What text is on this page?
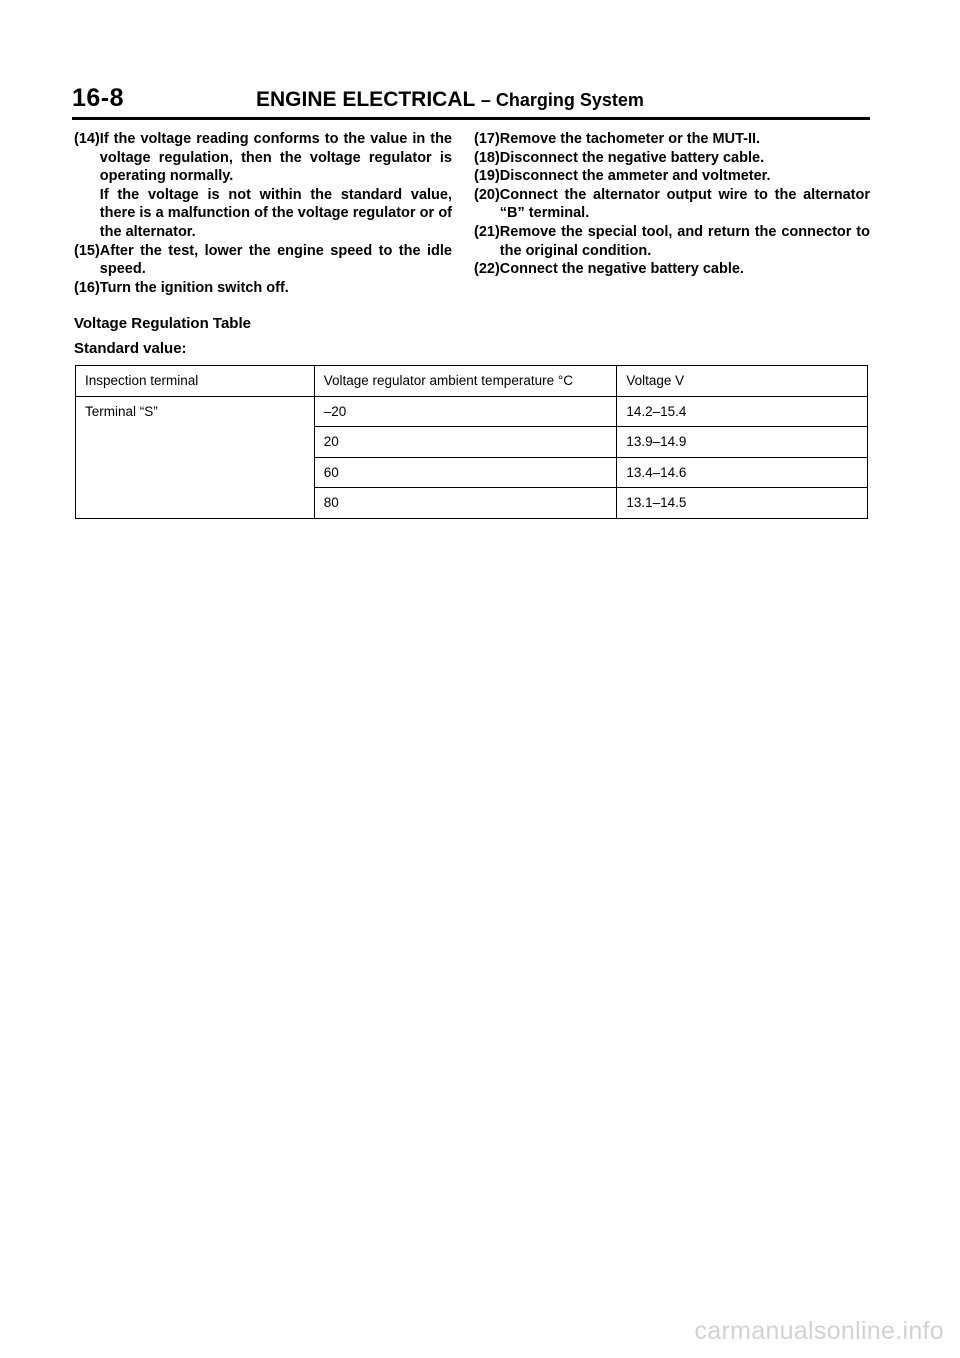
16-8	ENGINE ELECTRICAL – Charging System
(14) If the voltage reading conforms to the value in the voltage regulation, then the voltage regulator is operating normally.

If the voltage is not within the standard value, there is a malfunction of the voltage regulator or of the alternator.

(15) After the test, lower the engine speed to the idle speed.

(16) Turn the ignition switch off.

(17) Remove the tachometer or the MUT-II.

(18) Disconnect the negative battery cable.

(19) Disconnect the ammeter and voltmeter.

(20) Connect the alternator output wire to the alternator “B” terminal.

(21) Remove the special tool, and return the connector to the original condition.

(22) Connect the negative battery cable.

Voltage Regulation Table
Standard value:
Inspection terminal	Voltage regulator ambient temperature °C	Voltage V
Terminal “S”	–20	14.2–15.4
	20	13.9–14.9
	60	13.4–14.6
	80	13.1–14.5
carmanualsonline.info
